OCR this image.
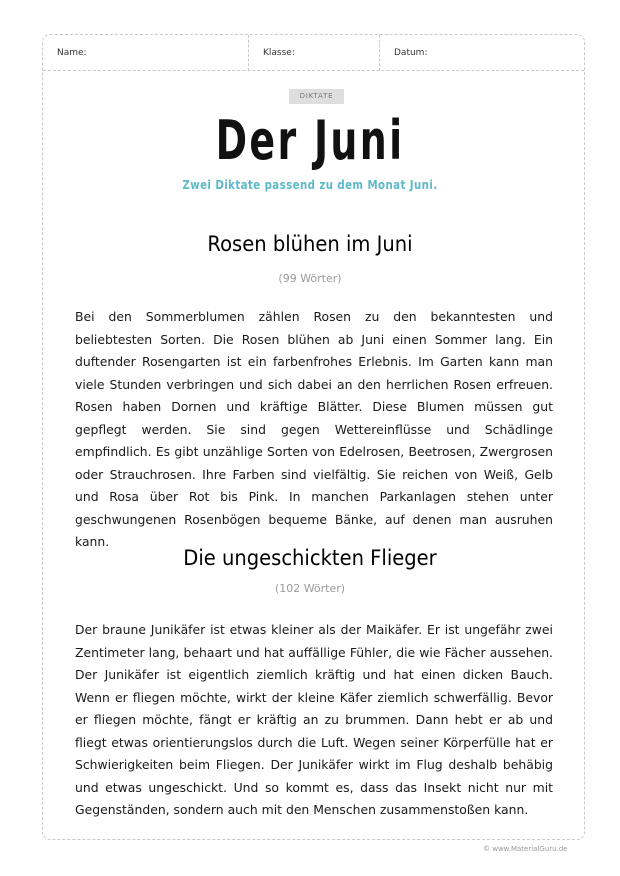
Name:	Klasse:	Datum:
DIKTATE
Der Juni
Zwei Diktate passend zu dem Monat Juni.
Rosen blühen im Juni
(99 Wörter)

Bei den Sommerblumen zählen Rosen zu den bekanntesten und beliebtesten Sorten. Die Rosen blühen ab Juni einen Sommer lang. Ein duftender Rosengarten ist ein farbenfrohes Erlebnis. Im Garten kann man viele Stunden verbringen und sich dabei an den herrlichen Rosen erfreuen. Rosen haben Dornen und kräftige Blätter. Diese Blumen müssen gut gepflegt werden. Sie sind gegen Wettereinflüsse und Schädlinge empfindlich. Es gibt unzählige Sorten von Edelrosen, Beetrosen, Zwergrosen oder Strauchrosen. Ihre Farben sind vielfältig. Sie reichen von Weiß, Gelb und Rosa über Rot bis Pink. In manchen Parkanlagen stehen unter geschwungenen Rosenbögen bequeme Bänke, auf denen man ausruhen kann.

Die ungeschickten Flieger
(102 Wörter)

Der braune Junikäfer ist etwas kleiner als der Maikäfer. Er ist ungefähr zwei Zentimeter lang, behaart und hat auffällige Fühler, die wie Fächer aussehen. Der Junikäfer ist eigentlich ziemlich kräftig und hat einen dicken Bauch. Wenn er fliegen möchte, wirkt der kleine Käfer ziemlich schwerfällig. Bevor er fliegen möchte, fängt er kräftig an zu brummen. Dann hebt er ab und fliegt etwas orientierungslos durch die Luft. Wegen seiner Körperfülle hat er Schwierigkeiten beim Fliegen. Der Junikäfer wirkt im Flug deshalb behäbig und etwas ungeschickt. Und so kommt es, dass das Insekt nicht nur mit Gegenständen, sondern auch mit den Menschen zusammenstoßen kann.

© www.MaterialGuru.de
